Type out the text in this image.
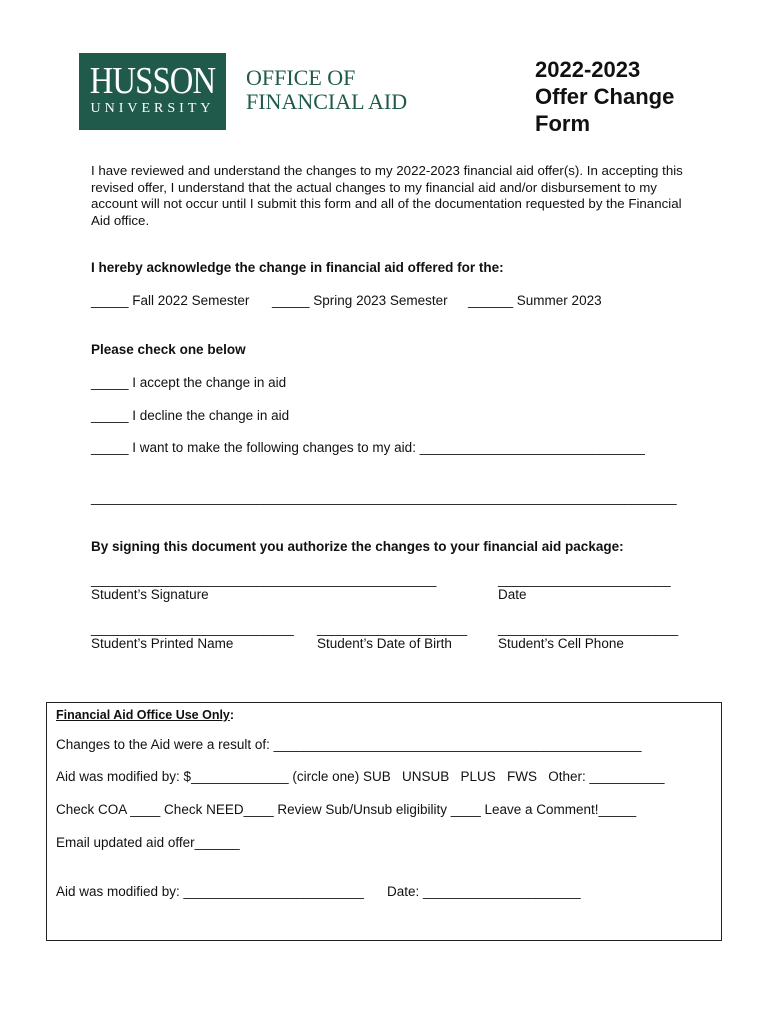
HUSSON
UNIVERSITY
OFFICE OF
FINANCIAL AID
2022-2023
Offer Change
Form
I have reviewed and understand the changes to my 2022-2023 financial aid offer(s). In accepting this revised offer, I understand that the actual changes to my financial aid and/or disbursement to my account will not occur until I submit this form and all of the documentation requested by the Financial Aid office.
I hereby acknowledge the change in financial aid offered for the:
_____ Fall 2022 Semester _____ Spring 2023 Semester ______ Summer 2023
Please check one below
_____ I accept the change in aid
_____ I decline the change in aid
_____ I want to make the following changes to my aid: ______________________________
______________________________________________________________________________
By signing this document you authorize the changes to your financial aid package:
______________________________________________
Student’s Signature
_______________________
Date
___________________________
Student’s Printed Name
____________________
Student’s Date of Birth
________________________
Student’s Cell Phone
Financial Aid Office Use Only:
Changes to the Aid were a result of: _________________________________________________
Aid was modified by: $_____________ (circle one) SUB   UNSUB   PLUS   FWS   Other: __________
Check COA ____ Check NEED____ Review Sub/Unsub eligibility ____ Leave a Comment!_____
Email updated aid offer______
Aid was modified by: ________________________ Date: _____________________
